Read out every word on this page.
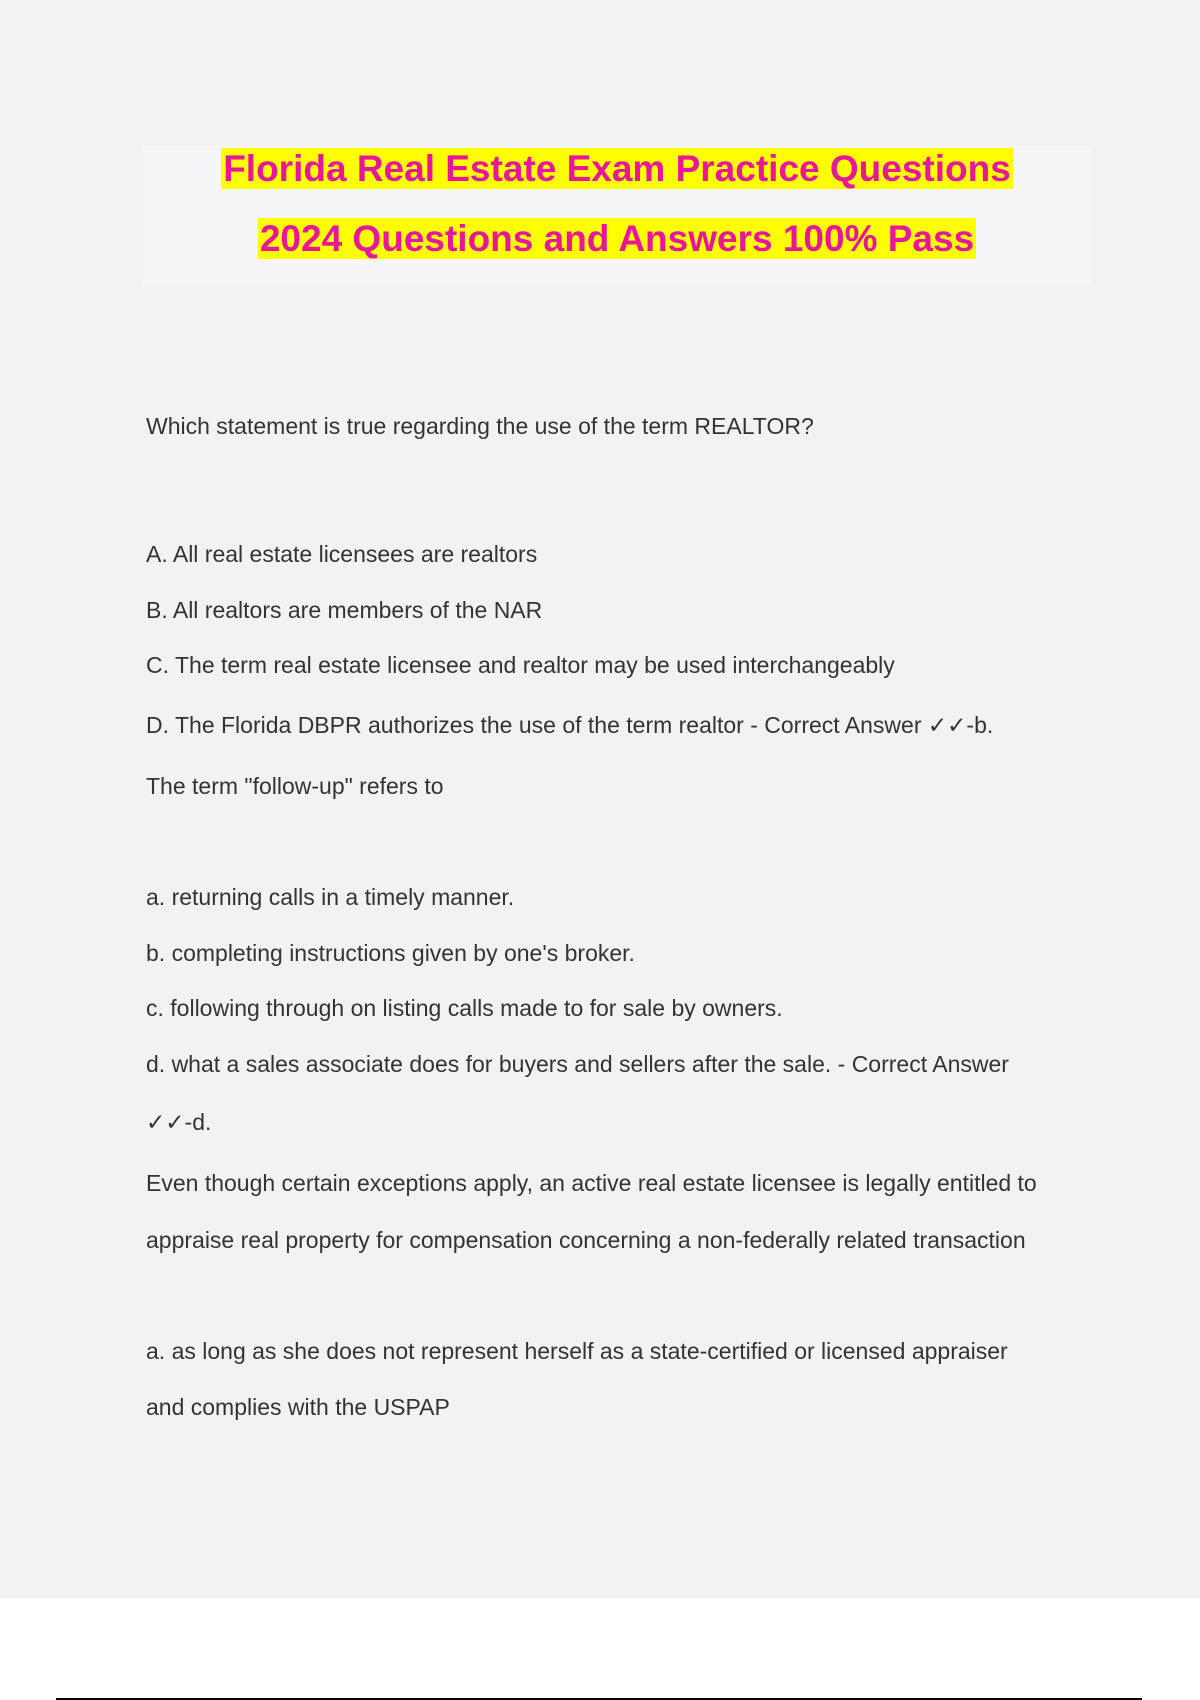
Florida Real Estate Exam Practice Questions
2024 Questions and Answers 100% Pass
Which statement is true regarding the use of the term REALTOR?
A. All real estate licensees are realtors
B. All realtors are members of the NAR
C. The term real estate licensee and realtor may be used interchangeably
D. The Florida DBPR authorizes the use of the term realtor - Correct Answer ✓✓-b.
The term "follow-up" refers to
a. returning calls in a timely manner.
b. completing instructions given by one's broker.
c. following through on listing calls made to for sale by owners.
d. what a sales associate does for buyers and sellers after the sale. - Correct Answer
✓✓-d.
Even though certain exceptions apply, an active real estate licensee is legally entitled to
appraise real property for compensation concerning a non-federally related transaction
a. as long as she does not represent herself as a state-certified or licensed appraiser
and complies with the USPAP
